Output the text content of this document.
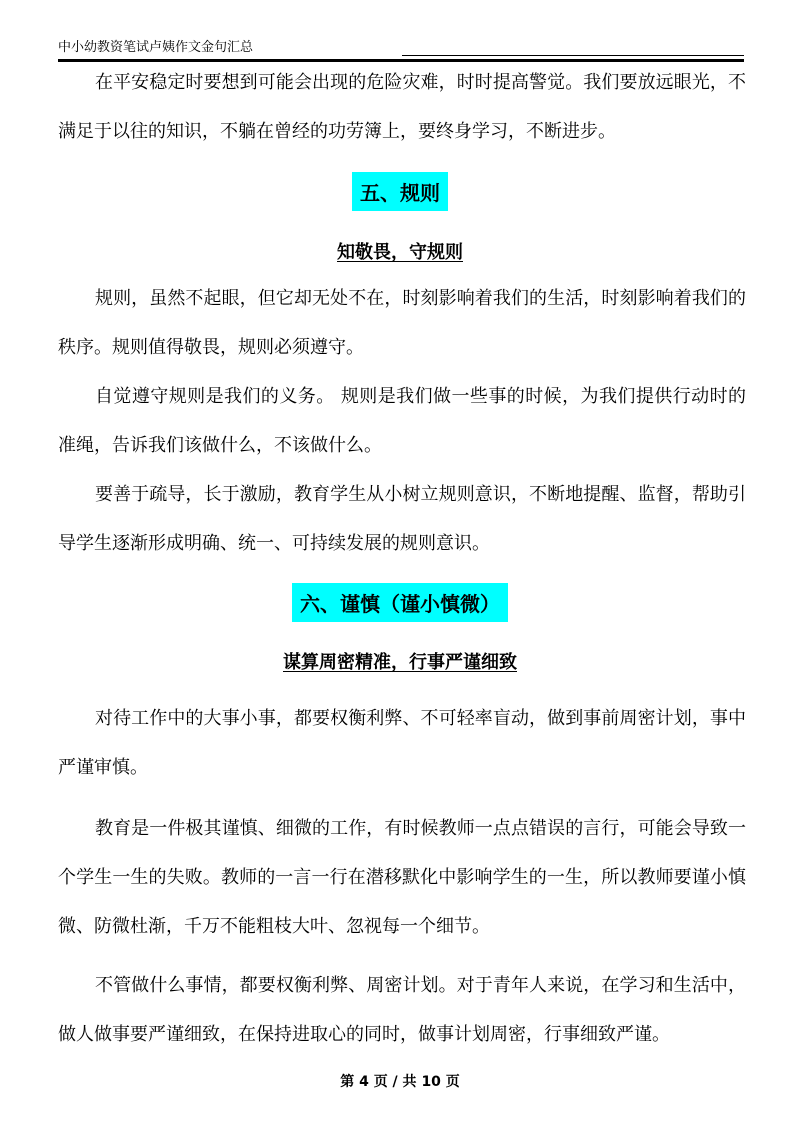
中小幼教资笔试卢姨作文金句汇总

在平安稳定时要想到可能会出现的危险灾难，时时提高警觉。我们要放远眼光，不满足于以往的知识，不躺在曾经的功劳簿上，要终身学习，不断进步。

五、规则
知敬畏，守规则

规则，虽然不起眼，但它却无处不在，时刻影响着我们的生活，时刻影响着我们的秩序。规则值得敬畏，规则必须遵守。

自觉遵守规则是我们的义务。 规则是我们做一些事的时候，为我们提供行动时的准绳，告诉我们该做什么，不该做什么。

要善于疏导，长于激励，教育学生从小树立规则意识，不断地提醒、监督，帮助引导学生逐渐形成明确、统一、可持续发展的规则意识。

六、谨慎（谨小慎微）
谋算周密精准，行事严谨细致

对待工作中的大事小事，都要权衡利弊、不可轻率盲动，做到事前周密计划，事中严谨审慎。

教育是一件极其谨慎、细微的工作，有时候教师一点点错误的言行，可能会导致一个学生一生的失败。教师的一言一行在潜移默化中影响学生的一生，所以教师要谨小慎微、防微杜渐，千万不能粗枝大叶、忽视每一个细节。

不管做什么事情，都要权衡利弊、周密计划。对于青年人来说，在学习和生活中，做人做事要严谨细致，在保持进取心的同时，做事计划周密，行事细致严谨。

第 4 页 / 共 10 页
